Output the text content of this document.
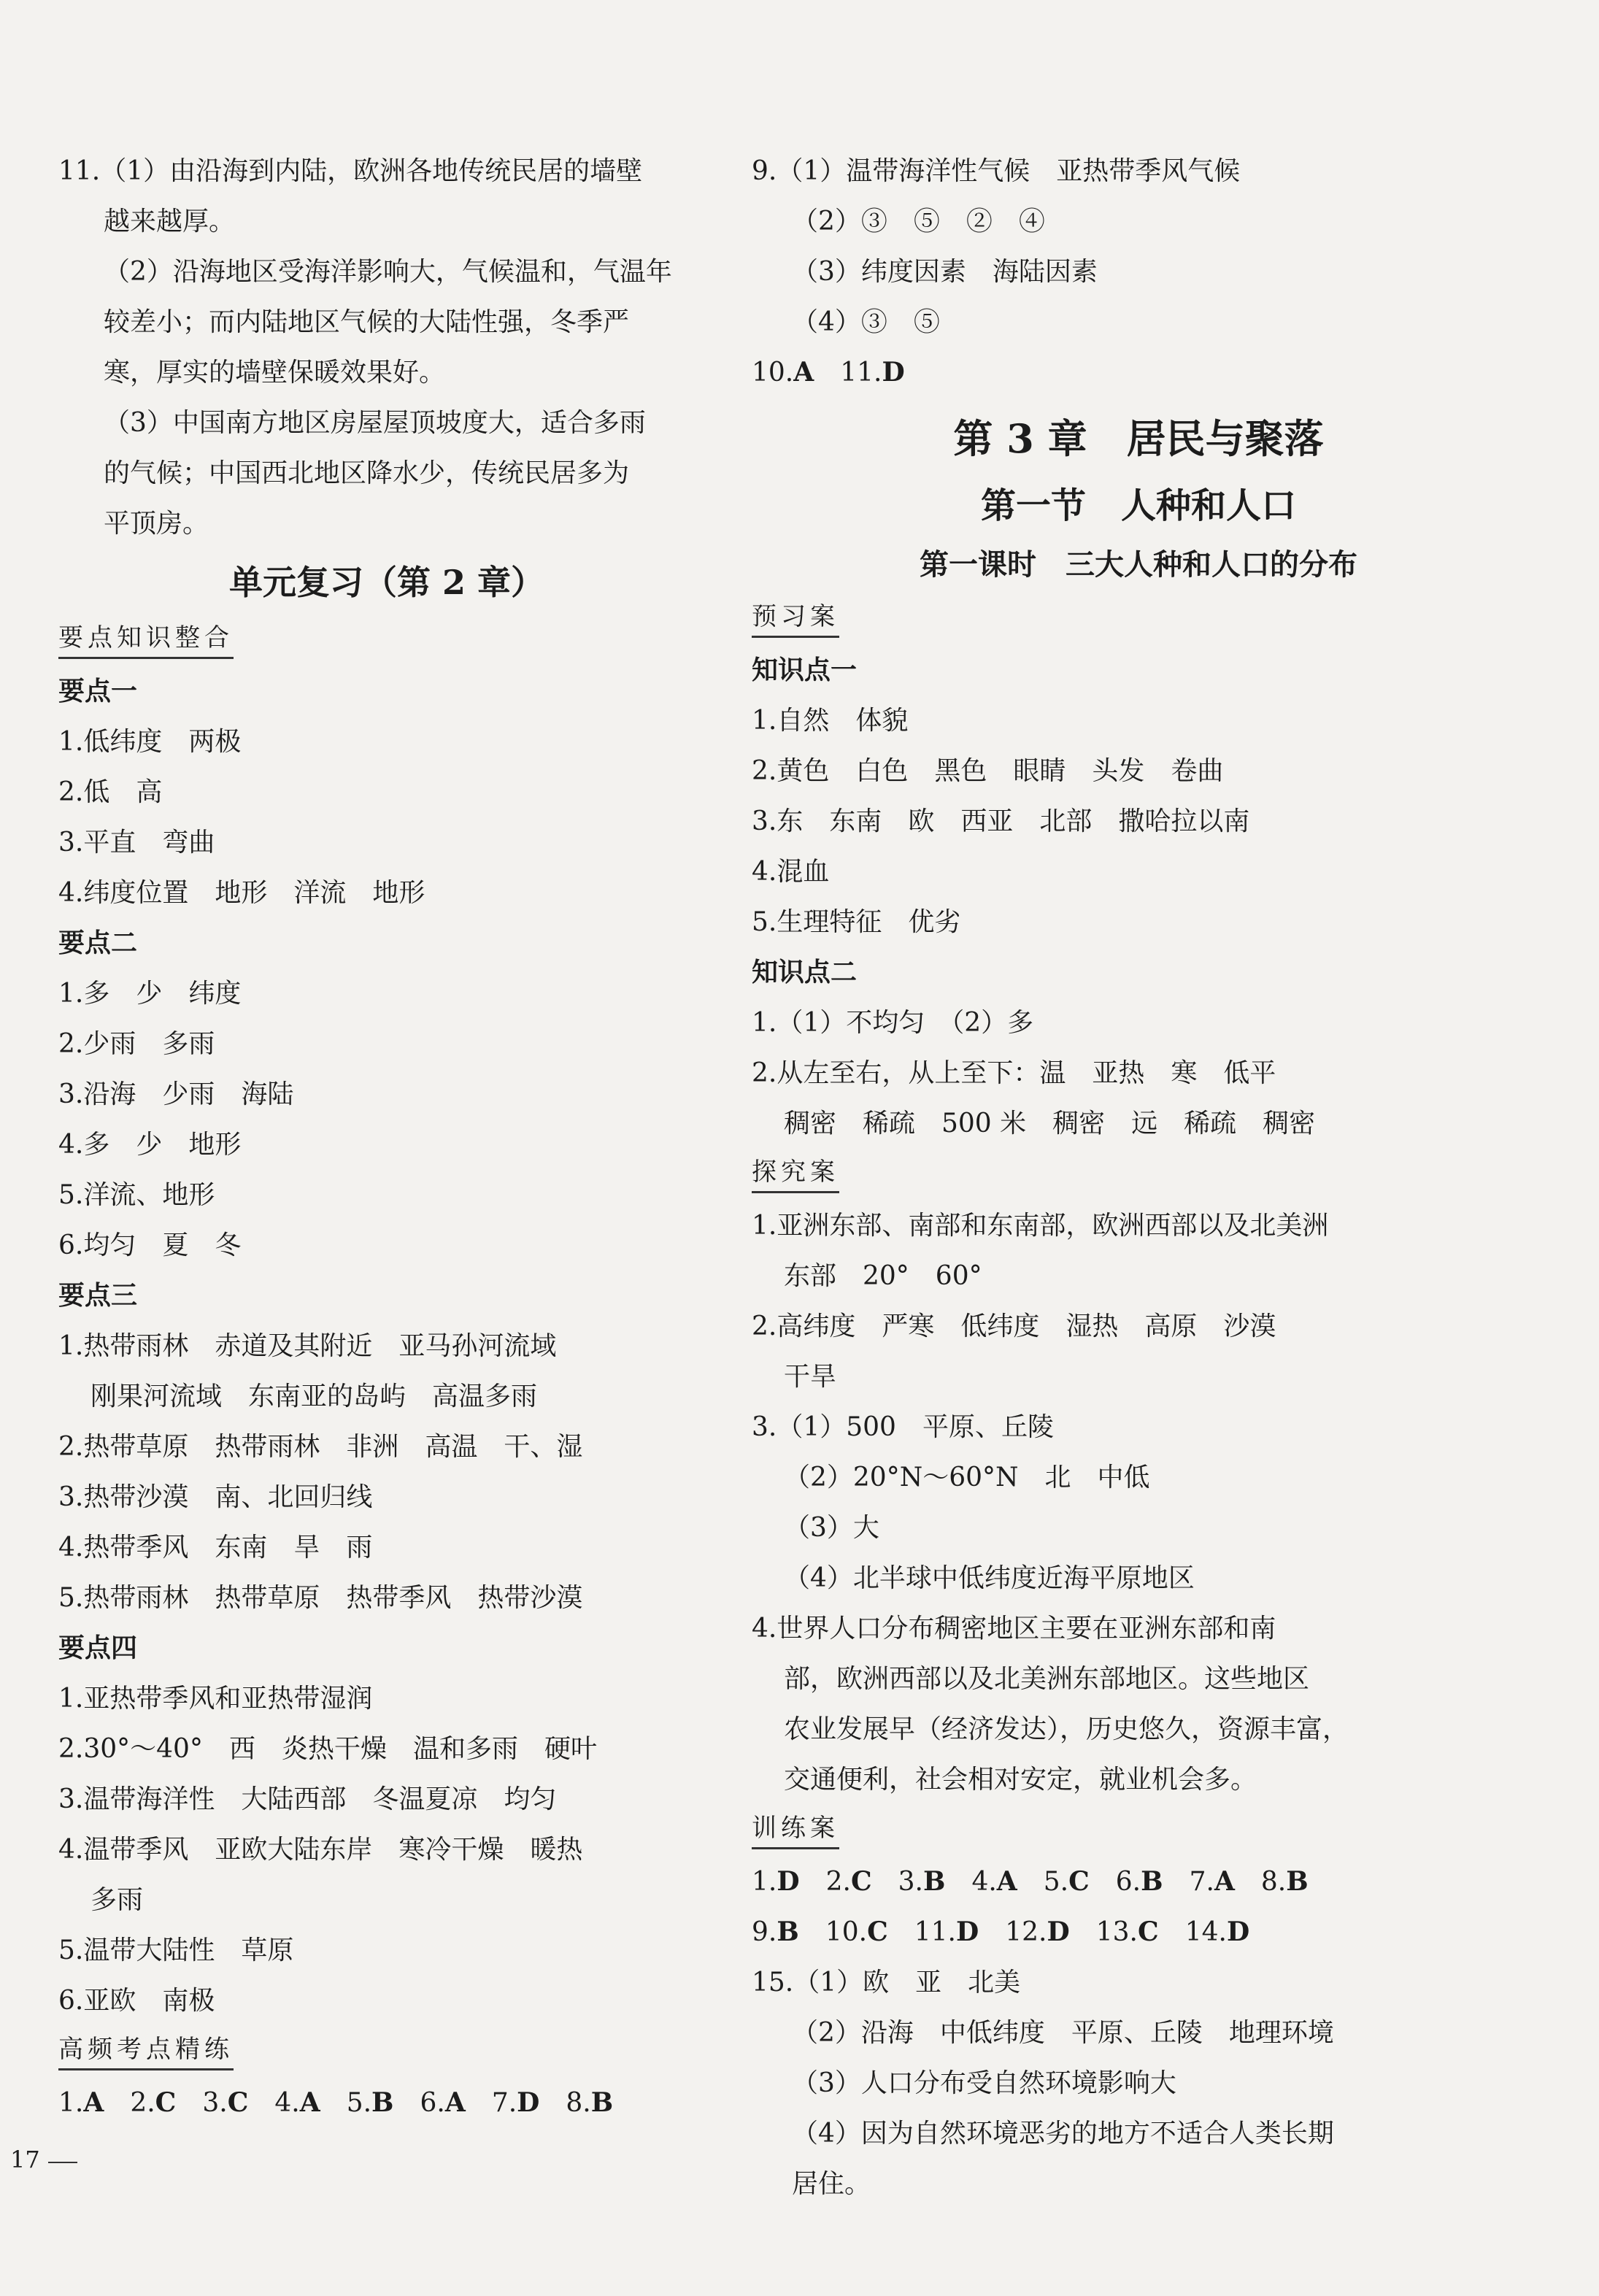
11.（1）由沿海到内陆，欧洲各地传统民居的墙壁

越来越厚。

（2）沿海地区受海洋影响大，气候温和，气温年

较差小；而内陆地区气候的大陆性强，冬季严

寒，厚实的墙壁保暖效果好。

（3）中国南方地区房屋屋顶坡度大，适合多雨

的气候；中国西北地区降水少，传统民居多为

平顶房。

单元复习（第 2 章）
要点知识整合

要点一

1.低纬度　两极

2.低　高

3.平直　弯曲

4.纬度位置　地形　洋流　地形

要点二

1.多　少　纬度

2.少雨　多雨

3.沿海　少雨　海陆

4.多　少　地形

5.洋流、地形

6.均匀　夏　冬

要点三

1.热带雨林　赤道及其附近　亚马孙河流域

刚果河流域　东南亚的岛屿　高温多雨

2.热带草原　热带雨林　非洲　高温　干、湿

3.热带沙漠　南、北回归线

4.热带季风　东南　旱　雨

5.热带雨林　热带草原　热带季风　热带沙漠

要点四

1.亚热带季风和亚热带湿润

2.30°～40°　西　炎热干燥　温和多雨　硬叶

3.温带海洋性　大陆西部　冬温夏凉　均匀

4.温带季风　亚欧大陆东岸　寒冷干燥　暖热

多雨

5.温带大陆性　草原

6.亚欧　南极

高频考点精练

1.A　 2.C　 3.C　 4.A　 5.B　 6.A　 7.D　 8.B

9.（1）温带海洋性气候　亚热带季风气候

（2）③　⑤　②　④

（3）纬度因素　海陆因素

（4）③　⑤

10.A　 11.D

第 3 章　居民与聚落
第一节　人种和人口
第一课时　三大人种和人口的分布
预习案

知识点一

1.自然　体貌

2.黄色　白色　黑色　眼睛　头发　卷曲

3.东　东南　欧　西亚　北部　撒哈拉以南

4.混血

5.生理特征　优劣

知识点二

1.（1）不均匀　（2）多

2.从左至右，从上至下：温　亚热　寒　低平

稠密　稀疏　500 米　稠密　远　稀疏　稠密

探究案

1.亚洲东部、南部和东南部，欧洲西部以及北美洲

东部　20°　60°

2.高纬度　严寒　低纬度　湿热　高原　沙漠

干旱

3.（1）500　平原、丘陵

（2）20°N～60°N　北　中低

（3）大

（4）北半球中低纬度近海平原地区

4.世界人口分布稠密地区主要在亚洲东部和南

部，欧洲西部以及北美洲东部地区。这些地区

农业发展早（经济发达），历史悠久，资源丰富，

交通便利，社会相对安定，就业机会多。

训练案

1.D　 2.C　 3.B　 4.A　 5.C　 6.B　 7.A　 8.B

9.B　 10.C　 11.D　 12.D　 13.C　 14.D

15.（1）欧　亚　北美

（2）沿海　中低纬度　平原、丘陵　地理环境

（3）人口分布受自然环境影响大

（4）因为自然环境恶劣的地方不适合人类长期

居住。

17
